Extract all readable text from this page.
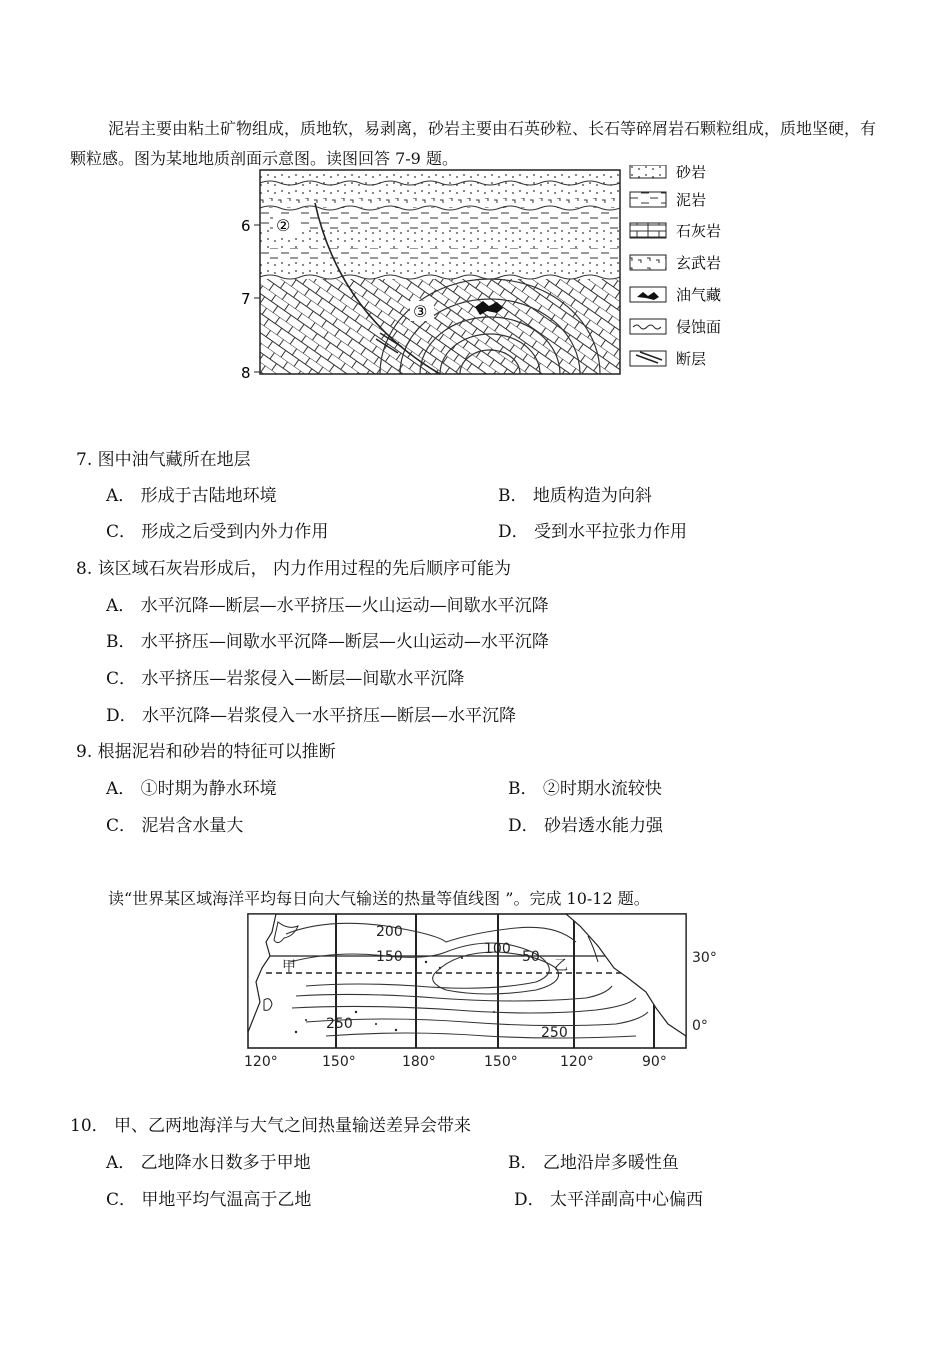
泥岩主要由粘土矿物组成，质地软，易剥离，砂岩主要由石英砂粒、长石等碎屑岩石颗粒组成，质地坚硬，有颗粒感。图为某地地质剖面示意图。读图回答 7-9 题。

6
7
8
②
③
砂岩
泥岩
石灰岩
玄武岩
油气藏
侵蚀面
断层
7. 图中油气藏所在地层
A． 形成于古陆地环境	B． 地质构造为向斜
C． 形成之后受到内外力作用	D． 受到水平拉张力作用
8. 该区域石灰岩形成后， 内力作用过程的先后顺序可能为
A． 水平沉降—断层—水平挤压—火山运动—间歇水平沉降
B． 水平挤压—间歇水平沉降—断层—火山运动—水平沉降
C． 水平挤压—岩浆侵入—断层—间歇水平沉降
D． 水平沉降—岩浆侵入一水平挤压—断层—水平沉降
9. 根据泥岩和砂岩的特征可以推断
A． ①时期为静水环境	B． ②时期水流较快
C． 泥岩含水量大	D． 砂岩透水能力强

读“世界某区域海洋平均每日向大气输送的热量等值线图 ”。完成 10-12 题。

200
150	100 50
250
250
甲	乙	30°
0°
120°	150°	180°	150°	120°	90°
10． 甲、乙两地海洋与大气之间热量输送差异会带来
A． 乙地降水日数多于甲地	B． 乙地沿岸多暖性鱼
C． 甲地平均气温高于乙地	D． 太平洋副高中心偏西
